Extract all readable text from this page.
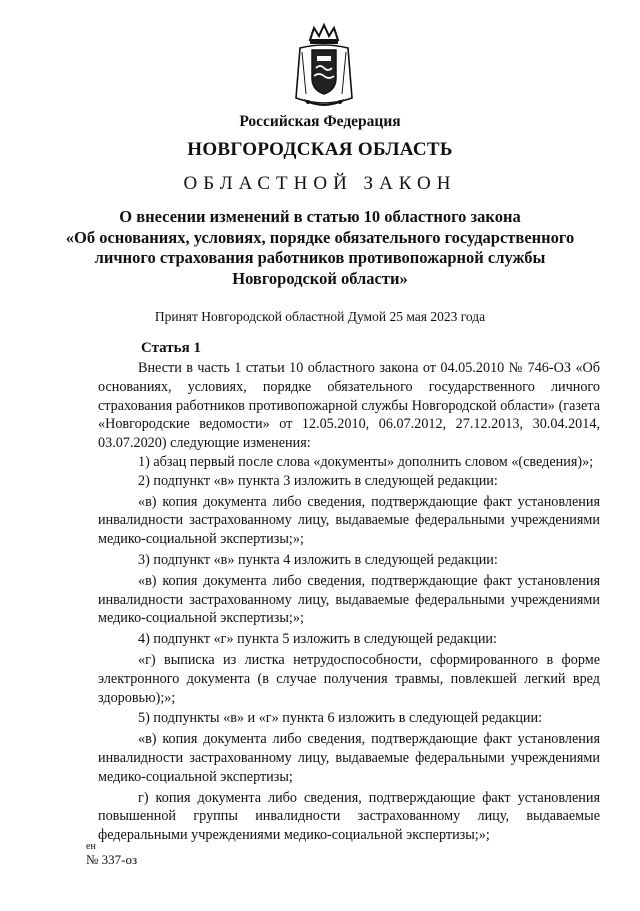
Российская Федерация
НОВГОРОДСКАЯ ОБЛАСТЬ
ОБЛАСТНОЙ ЗАКОН
О внесении изменений в статью 10 областного закона
«Об основаниях, условиях, порядке обязательного государственного
личного страхования работников противопожарной службы
Новгородской области»
Принят Новгородской областной Думой 25 мая 2023 года
Статья 1

Внести в часть 1 статьи 10 областного закона от 04.05.2010 № 746-ОЗ «Об основаниях, условиях, порядке обязательного государственного личного страхования работников противопожарной службы Новгородской области» (газета «Новгородские ведомости» от 12.05.2010, 06.07.2012, 27.12.2013, 30.04.2014, 03.07.2020) следующие изменения:

1) абзац первый после слова «документы» дополнить словом «(сведения)»;

2) подпункт «в» пункта 3 изложить в следующей редакции:

«в) копия документа либо сведения, подтверждающие факт установления инвалидности застрахованному лицу, выдаваемые федеральными учреждениями медико-социальной экспертизы;»;

3) подпункт «в» пункта 4 изложить в следующей редакции:

«в) копия документа либо сведения, подтверждающие факт установления инвалидности застрахованному лицу, выдаваемые федеральными учреждениями медико-социальной экспертизы;»;

4) подпункт «г» пункта 5 изложить в следующей редакции:

«г) выписка из листка нетрудоспособности, сформированного в форме электронного документа (в случае получения травмы, повлекшей легкий вред здоровью);»;

5) подпункты «в» и «г» пункта 6 изложить в следующей редакции:

«в) копия документа либо сведения, подтверждающие факт установления инвалидности застрахованному лицу, выдаваемые федеральными учреждениями медико-социальной экспертизы;

г) копия документа либо сведения, подтверждающие факт установления повышенной группы инвалидности застрахованному лицу, выдаваемые федеральными учреждениями медико-социальной экспертизы;»;

ен
№ 337-оз
